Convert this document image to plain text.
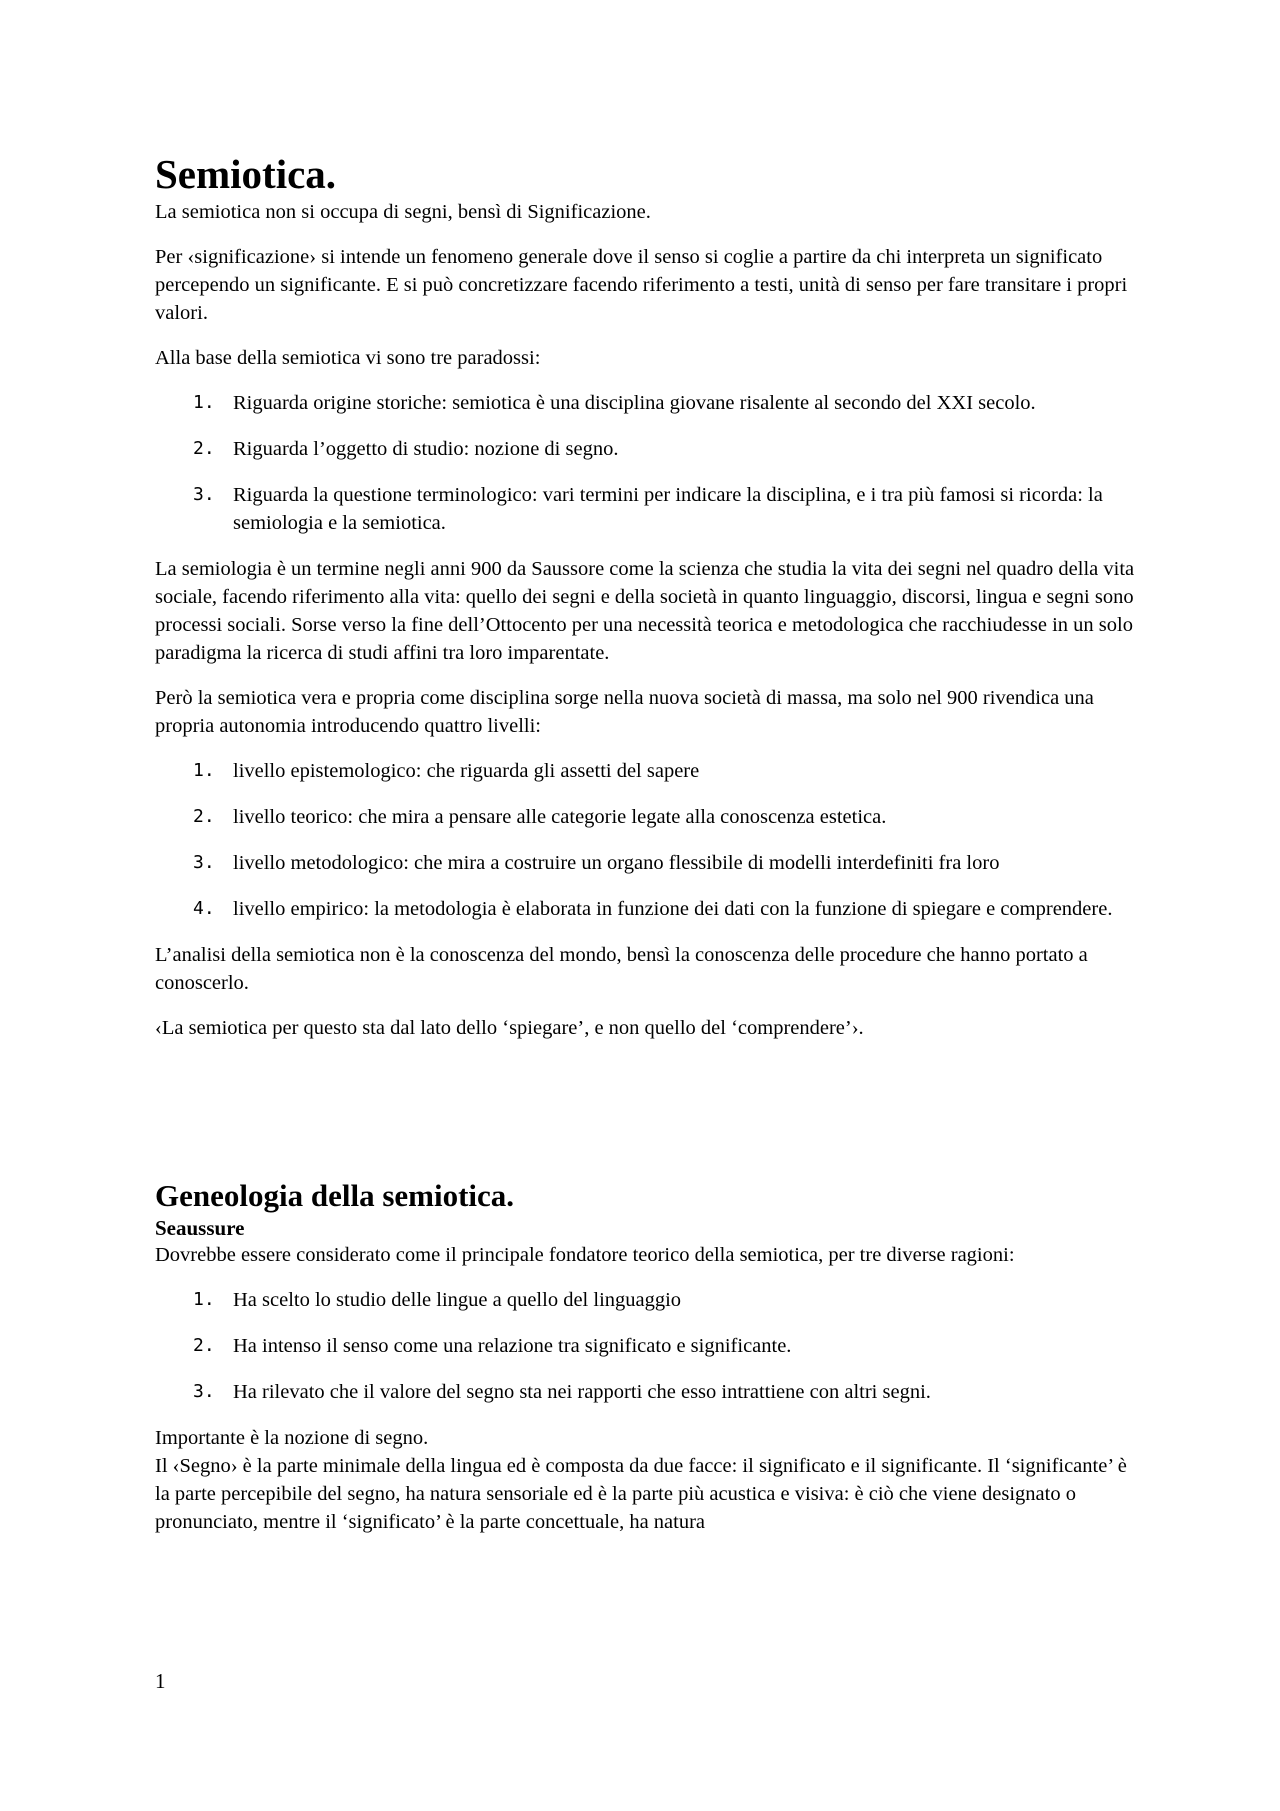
Semiotica.

La semiotica non si occupa di segni, bensì di Significazione.

Per ‹significazione› si intende un fenomeno generale dove il senso si coglie a partire da chi interpreta un significato percependo un significante. E si può concretizzare facendo riferimento a testi, unità di senso per fare transitare i propri valori.

Alla base della semiotica vi sono tre paradossi:

1. Riguarda origine storiche: semiotica è una disciplina giovane risalente al secondo del XXI secolo.
2. Riguarda l’oggetto di studio: nozione di segno.
3. Riguarda la questione terminologico: vari termini per indicare la disciplina, e i tra più famosi si ricorda: la semiologia e la semiotica.

La semiologia è un termine negli anni 900 da Saussore come la scienza che studia la vita dei segni nel quadro della vita sociale, facendo riferimento alla vita: quello dei segni e della società in quanto linguaggio, discorsi, lingua e segni sono processi sociali. Sorse verso la fine dell’Ottocento per una necessità teorica e metodologica che racchiudesse in un solo paradigma la ricerca di studi affini tra loro imparentate.

Però la semiotica vera e propria come disciplina sorge nella nuova società di massa, ma solo nel 900 rivendica una propria autonomia introducendo quattro livelli:

1. livello epistemologico: che riguarda gli assetti del sapere
2. livello teorico: che mira a pensare alle categorie legate alla conoscenza estetica.
3. livello metodologico: che mira a costruire un organo flessibile di modelli interdefiniti fra loro
4. livello empirico: la metodologia è elaborata in funzione dei dati con la funzione di spiegare e comprendere.

L’analisi della semiotica non è la conoscenza del mondo, bensì la conoscenza delle procedure che hanno portato a conoscerlo.

‹La semiotica per questo sta dal lato dello ‘spiegare’, e non quello del ‘comprendere’›.

Geneologia della semiotica.
Seaussure

Dovrebbe essere considerato come il principale fondatore teorico della semiotica, per tre diverse ragioni:

1. Ha scelto lo studio delle lingue a quello del linguaggio
2. Ha intenso il senso come una relazione tra significato e significante.
3. Ha rilevato che il valore del segno sta nei rapporti che esso intrattiene con altri segni.

Importante è la nozione di segno.

Il ‹Segno› è la parte minimale della lingua ed è composta da due facce: il significato e il significante. Il ‘significante’ è la parte percepibile del segno, ha natura sensoriale ed è la parte più acustica e visiva: è ciò che viene designato o pronunciato, mentre il ‘significato’ è la parte concettuale, ha natura

1
